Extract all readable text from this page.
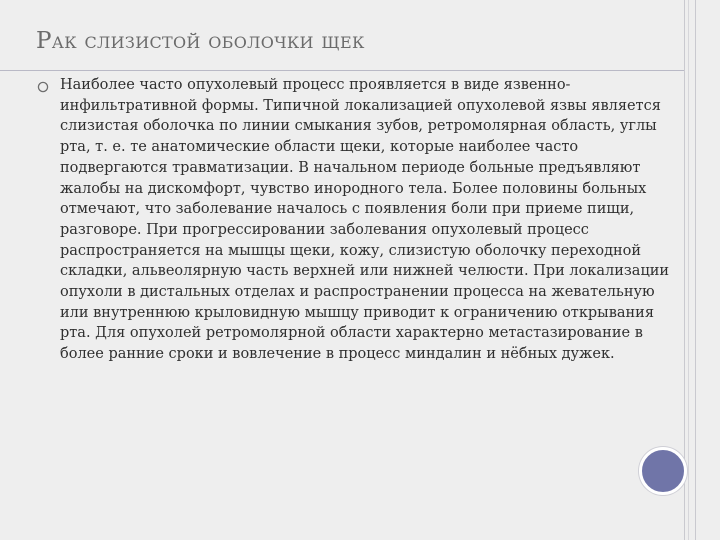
Рак слизистой оболочки щек

Наиболее часто опухолевый процесс проявляется в виде язвенно-инфильтративной формы. Типичной локализацией опухолевой язвы является слизистая оболочка по линии смыкания зубов, ретромолярная область, углы рта, т. е. те анатомические области щеки, которые наиболее часто подвергаются травматизации. В начальном периоде больные предъявляют жалобы на дискомфорт, чувство инородного тела. Более половины больных отмечают, что заболевание началось с появления боли при приеме пищи, разговоре. При прогрессировании заболевания опухолевый процесс распространяется на мышцы щеки, кожу, слизистую оболочку переходной складки, альвеолярную часть верхней или нижней челюсти. При локализации опухоли в дистальных отделах и распространении процесса на жевательную или внутреннюю крыловидную мышцу приводит к ограничению открывания рта. Для опухолей ретромолярной области характерно метастазирование в более ранние сроки и вовлечение в процесс миндалин и нёбных дужек.
